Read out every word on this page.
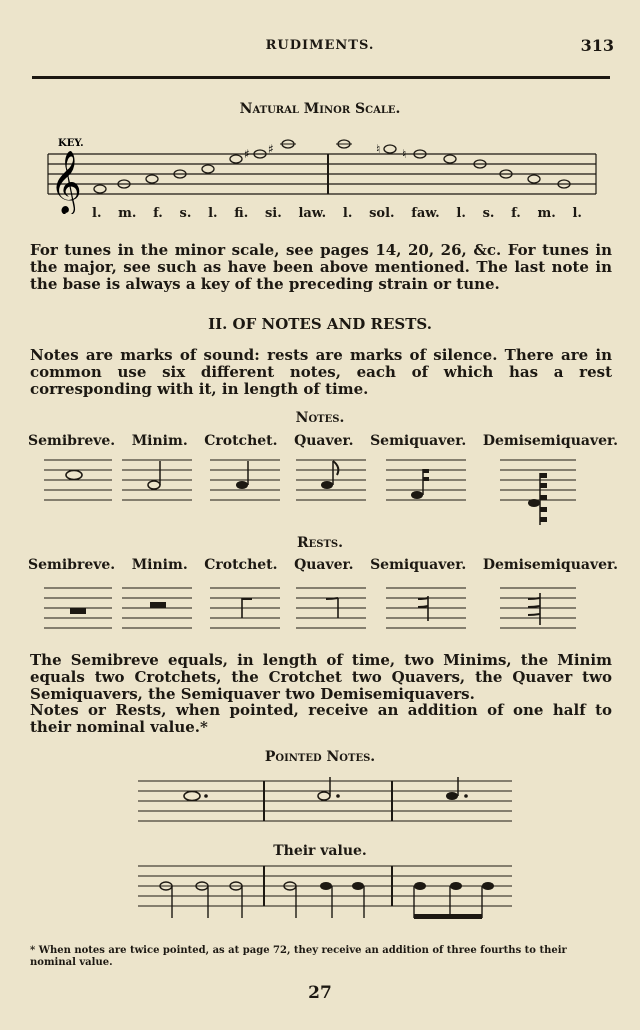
RUDIMENTS.	313
Natural Minor Scale.
KEY.
𝄞	♯ ♯	♮ ♮
l. m. f. s. l. fi. si. law. l. sol. faw. l. s. f. m. l.

For tunes in the minor scale, see pages 14, 20, 26, &c. For tunes in the major, see such as have been above mentioned. The last note in the base is always a key of the preceding strain or tune.

II. OF NOTES AND RESTS.

Notes are marks of sound: rests are marks of silence. There are in common use six different notes, each of which has a rest corresponding with it, in length of time.

Notes.
Semibreve. Minim. Crotchet. Quaver. Semiquaver. Demisemiquaver.
Rests.
Semibreve. Minim. Crotchet. Quaver. Semiquaver. Demisemiquaver.

The Semibreve equals, in length of time, two Minims, the Minim equals two Crotchets, the Crotchet two Quavers, the Quaver two Semiquavers, the Semiquaver two Demisemiquavers.

Notes or Rests, when pointed, receive an addition of one half to their nominal value.*

Pointed Notes.
Their value.
* When notes are twice pointed, as at page 72, they receive an addition of three fourths to their nominal value.
27
